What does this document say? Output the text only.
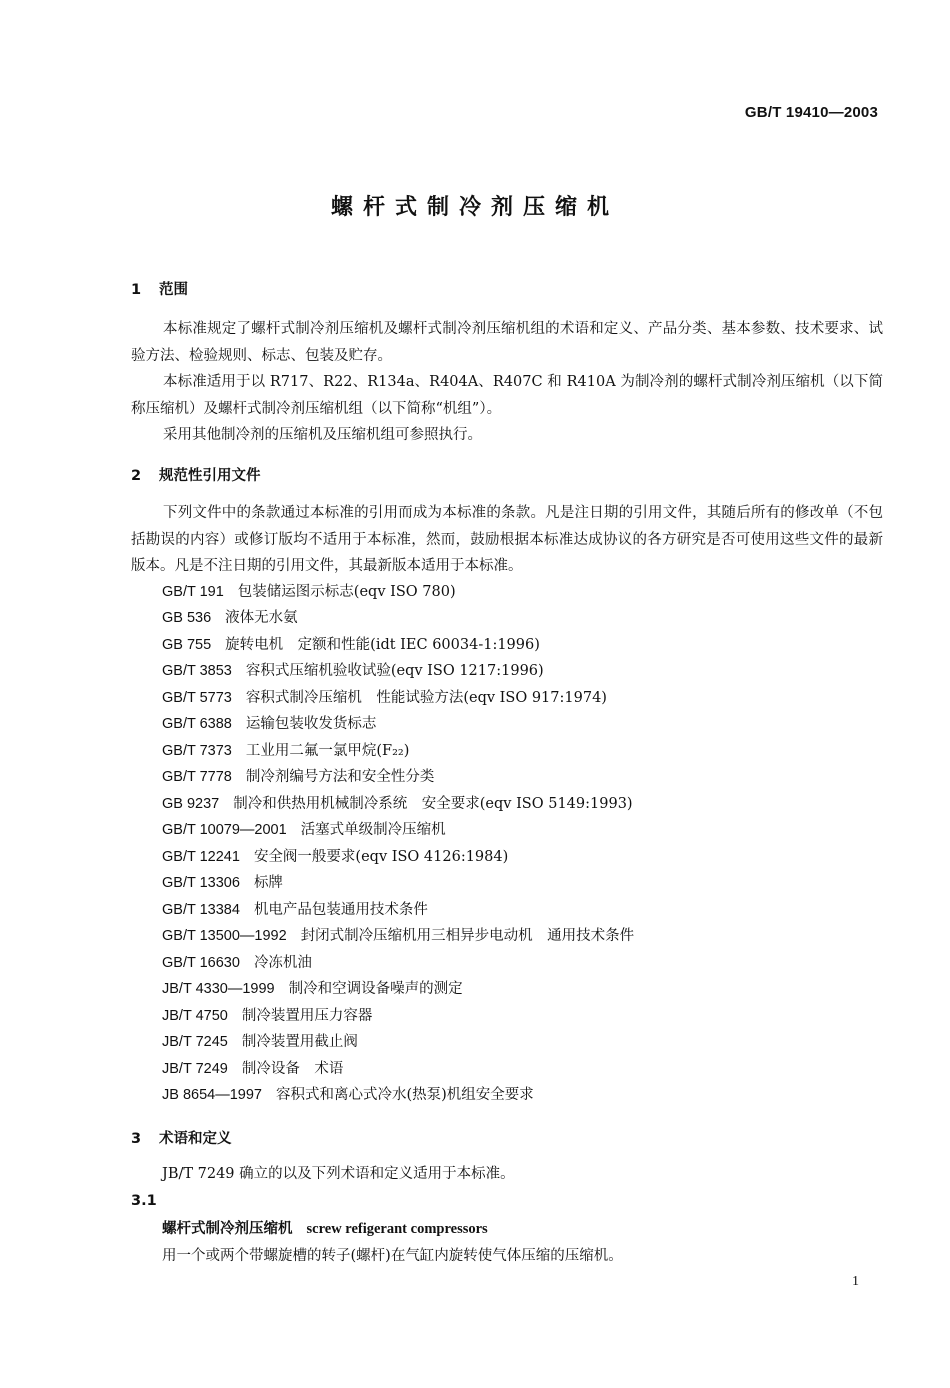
GB/T 19410—2003
螺杆式制冷剂压缩机
1 范围
本标准规定了螺杆式制冷剂压缩机及螺杆式制冷剂压缩机组的术语和定义、产品分类、基本参数、技术要求、试验方法、检验规则、标志、包装及贮存。
本标准适用于以 R717、R22、R134a、R404A、R407C 和 R410A 为制冷剂的螺杆式制冷剂压缩机（以下简称压缩机）及螺杆式制冷剂压缩机组（以下简称“机组”）。
采用其他制冷剂的压缩机及压缩机组可参照执行。
2 规范性引用文件
下列文件中的条款通过本标准的引用而成为本标准的条款。凡是注日期的引用文件，其随后所有的修改单（不包括勘误的内容）或修订版均不适用于本标准，然而，鼓励根据本标准达成协议的各方研究是否可使用这些文件的最新版本。凡是不注日期的引用文件，其最新版本适用于本标准。
GB/T 191 包装储运图示标志(eqv ISO 780)
GB 536 液体无水氨
GB 755 旋转电机　定额和性能(idt IEC 60034-1:1996)
GB/T 3853 容积式压缩机验收试验(eqv ISO 1217:1996)
GB/T 5773 容积式制冷压缩机　性能试验方法(eqv ISO 917:1974)
GB/T 6388 运输包装收发货标志
GB/T 7373 工业用二氟一氯甲烷(F₂₂)
GB/T 7778 制冷剂编号方法和安全性分类
GB 9237 制冷和供热用机械制冷系统　安全要求(eqv ISO 5149:1993)
GB/T 10079—2001 活塞式单级制冷压缩机
GB/T 12241 安全阀一般要求(eqv ISO 4126:1984)
GB/T 13306 标牌
GB/T 13384 机电产品包装通用技术条件
GB/T 13500—1992 封闭式制冷压缩机用三相异步电动机　通用技术条件
GB/T 16630 冷冻机油
JB/T 4330—1999 制冷和空调设备噪声的测定
JB/T 4750 制冷装置用压力容器
JB/T 7245 制冷装置用截止阀
JB/T 7249 制冷设备　术语
JB 8654—1997 容积式和离心式冷水(热泵)机组安全要求
3 术语和定义
JB/T 7249 确立的以及下列术语和定义适用于本标准。
3.1
螺杆式制冷剂压缩机 screw refigerant compressors
用一个或两个带螺旋槽的转子(螺杆)在气缸内旋转使气体压缩的压缩机。
1
